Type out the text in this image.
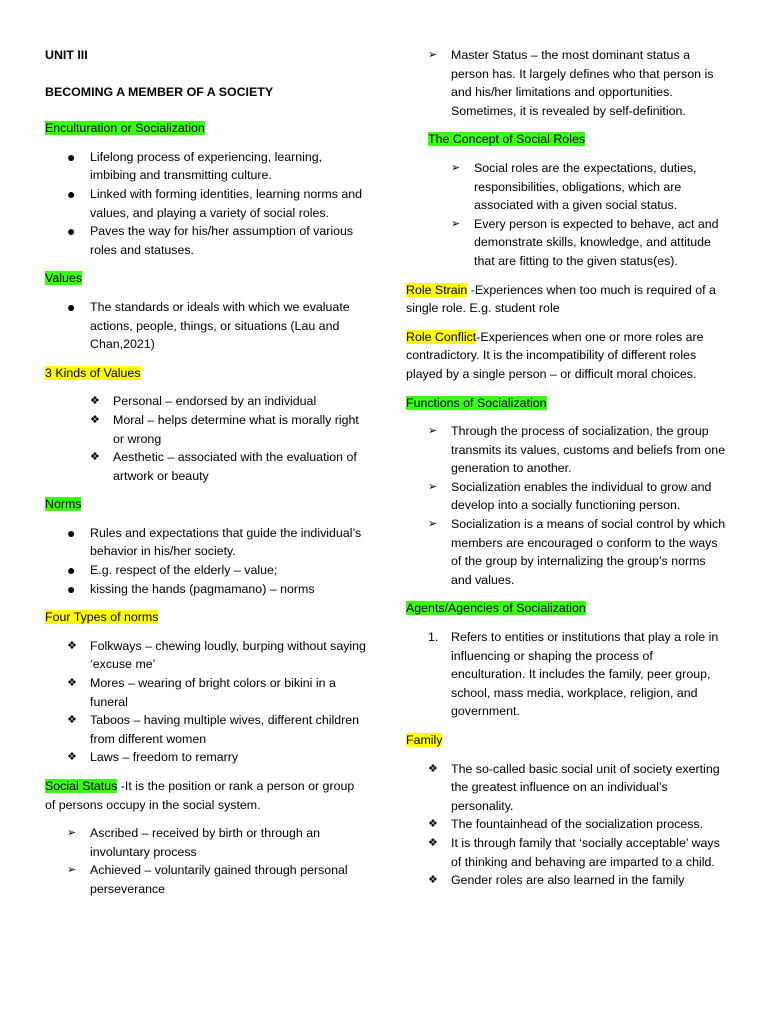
UNIT III

BECOMING A MEMBER OF A SOCIETY

Enculturation or Socialization

● Lifelong process of experiencing, learning, imbibing and transmitting culture.
● Linked with forming identities, learning norms and values, and playing a variety of social roles.
● Paves the way for his/her assumption of various roles and statuses.

Values

● The standards or ideals with which we evaluate actions, people, things, or situations (Lau and Chan,2021)

3 Kinds of Values

❖ Personal – endorsed by an individual
❖ Moral – helps determine what is morally right or wrong
❖ Aesthetic – associated with the evaluation of artwork or beauty

Norms

● Rules and expectations that guide the individual’s behavior in his/her society.
● E.g. respect of the elderly – value;
● kissing the hands (pagmamano) – norms

Four Types of norms

❖ Folkways – chewing loudly, burping without saying ‘excuse me’
❖ Mores – wearing of bright colors or bikini in a funeral
❖ Taboos – having multiple wives, different children from different women
❖ Laws – freedom to remarry

Social Status -It is the position or rank a person or group of persons occupy in the social system.

➢ Ascribed – received by birth or through an involuntary process
➢ Achieved – voluntarily gained through personal perseverance
➢ Master Status – the most dominant status a person has. It largely defines who that person is and his/her limitations and opportunities. Sometimes, it is revealed by self-definition.

The Concept of Social Roles

➢ Social roles are the expectations, duties, responsibilities, obligations, which are associated with a given social status.
➢ Every person is expected to behave, act and demonstrate skills, knowledge, and attitude that are fitting to the given status(es).

Role Strain -Experiences when too much is required of a single role. E.g. student role

Role Conflict-Experiences when one or more roles are contradictory. It is the incompatibility of different roles played by a single person – or difficult moral choices.

Functions of Socialization

➢ Through the process of socialization, the group transmits its values, customs and beliefs from one generation to another.
➢ Socialization enables the individual to grow and develop into a socially functioning person.
➢ Socialization is a means of social control by which members are encouraged o conform to the ways of the group by internalizing the group’s norms and values.

Agents/Agencies of Socialization

1. Refers to entities or institutions that play a role in influencing or shaping the process of enculturation. It includes the family, peer group, school, mass media, workplace, religion, and government.

Family

❖ The so-called basic social unit of society exerting the greatest influence on an individual’s personality.
❖ The fountainhead of the socialization process.
❖ It is through family that ‘socially acceptable’ ways of thinking and behaving are imparted to a child.
❖ Gender roles are also learned in the family
